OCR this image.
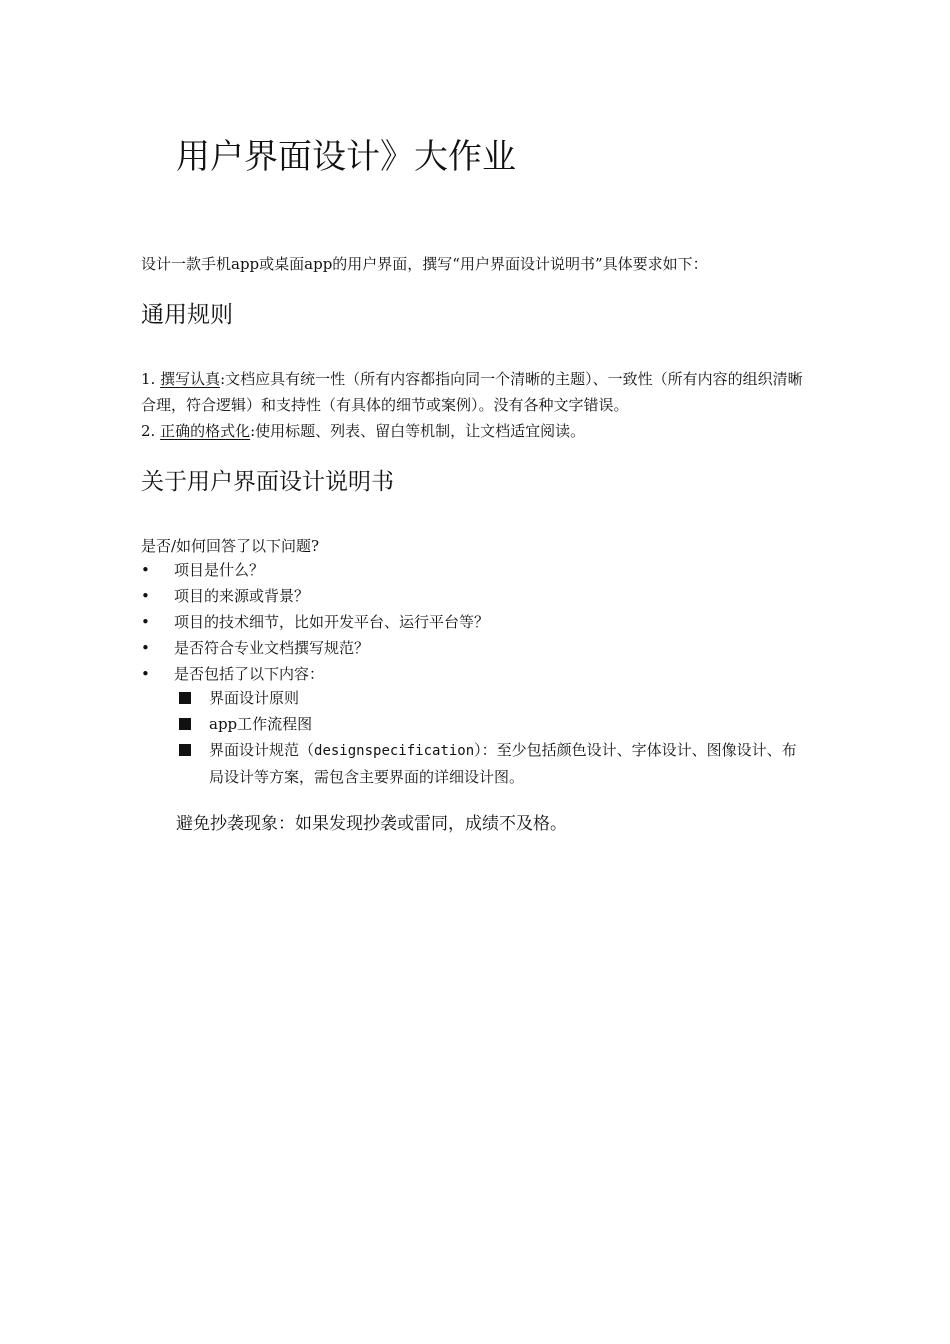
用户界面设计》大作业

设计一款手机app或桌面app的用户界面，撰写“用户界面设计说明书”具体要求如下：

通用规则

1. 撰写认真:文档应具有统一性（所有内容都指向同一个清晰的主题）、一致性（所有内容的组织清晰合理，符合逻辑）和支持性（有具体的细节或案例）。没有各种文字错误。

2. 正确的格式化:使用标题、列表、留白等机制，让文档适宜阅读。

关于用户界面设计说明书

是否/如何回答了以下问题?

• 项目是什么？
• 项目的来源或背景？
• 项目的技术细节，比如开发平台、运行平台等？
• 是否符合专业文档撰写规范？
• 是否包括了以下内容：
界面设计原则
app工作流程图
界面设计规范（designspecification）：至少包括颜色设计、字体设计、图像设计、布局设计等方案，需包含主要界面的详细设计图。

避免抄袭现象：如果发现抄袭或雷同，成绩不及格。
